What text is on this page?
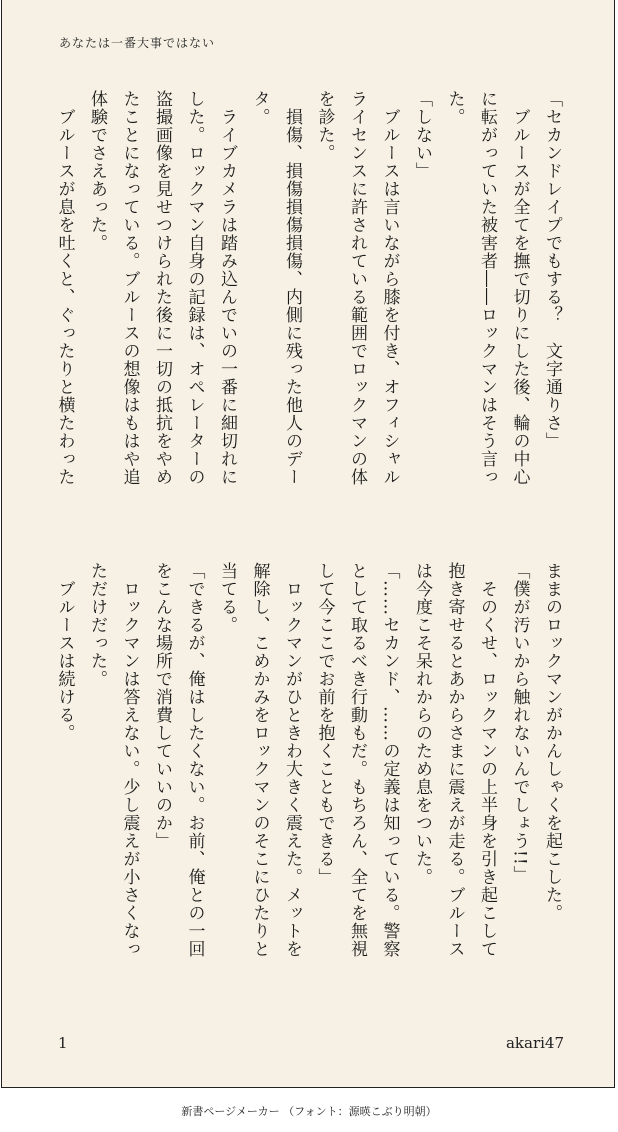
あなたは一番大事ではない

「セカンドレイプでもする？　文字通りさ」

　ブルースが全てを撫で切りにした後、輪の中心

に転がっていた被害者――ロックマンはそう言っ

た。

「しない」

　ブルースは言いながら膝を付き、オフィシャル

ライセンスに許されている範囲でロックマンの体

を診た。

　損傷、損傷損傷損傷、内側に残った他人のデー

タ。

　ライブカメラは踏み込んでいの一番に細切れに

した。ロックマン自身の記録は、オペレーターの

盗撮画像を見せつけられた後に一切の抵抗をやめ

たことになっている。ブルースの想像はもはや追

体験でさえあった。

　ブルースが息を吐くと、ぐったりと横たわった

ままのロックマンがかんしゃくを起こした。

「僕が汚いから触れないんでしょう!!」

　そのくせ、ロックマンの上半身を引き起こして

抱き寄せるとあからさまに震えが走る。ブルース

は今度こそ呆れからのため息をついた。

「……セカンド、……の定義は知っている。警察

として取るべき行動もだ。もちろん、全てを無視

して今ここでお前を抱くこともできる」

　ロックマンがひときわ大きく震えた。メットを

解除し、こめかみをロックマンのそこにひたりと

当てる。

「できるが、俺はしたくない。お前、俺との一回

をこんな場所で消費していいのか」

　ロックマンは答えない。少し震えが小さくなっ

ただけだった。

　ブルースは続ける。

1	akari47
新書ページメーカー （フォント：源暎こぶり明朝）
